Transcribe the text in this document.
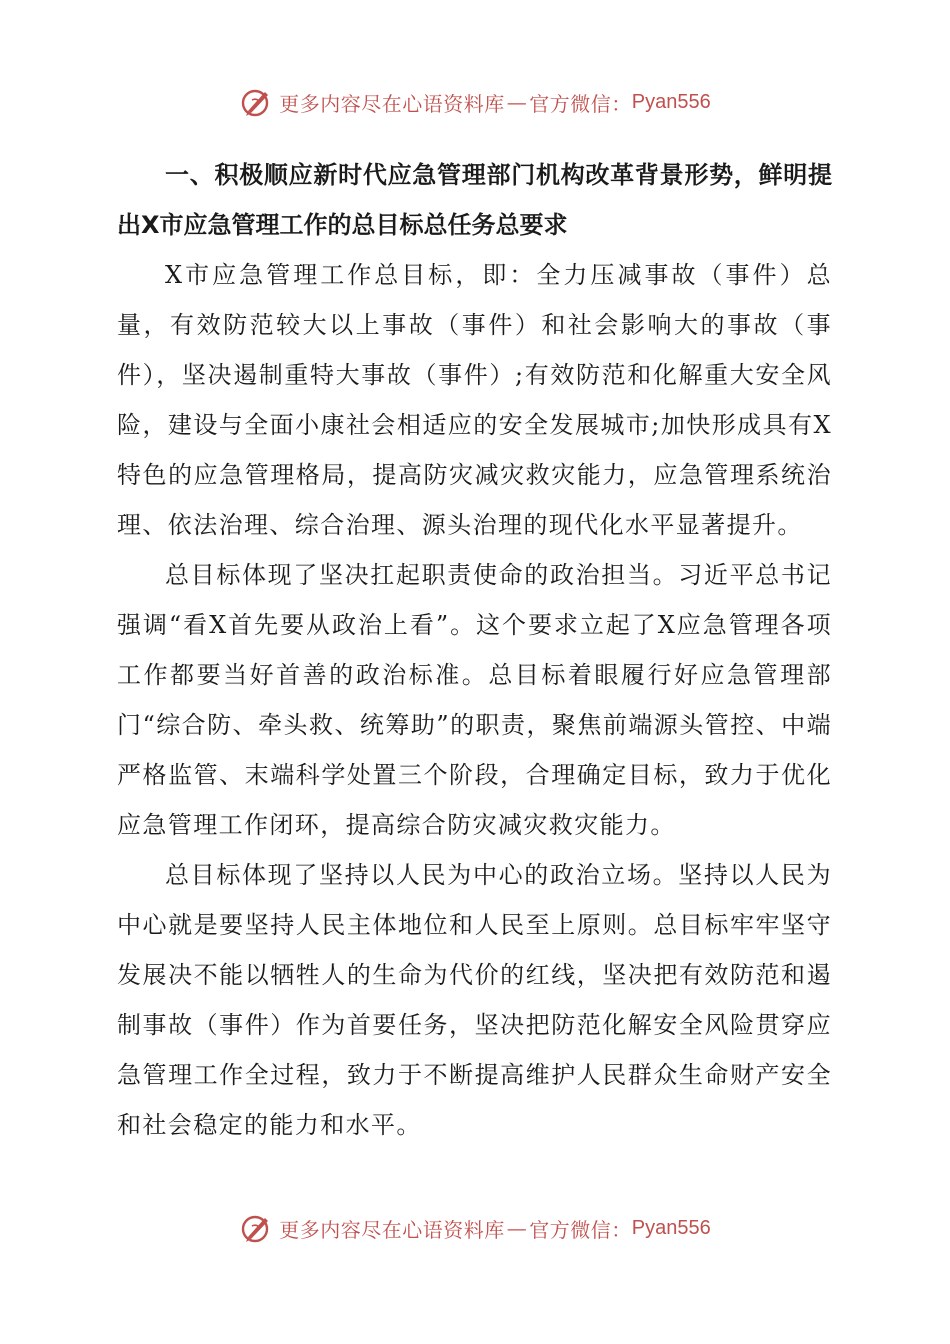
更多内容尽在心语资料库 — 官方微信： Pyan556

一、积极顺应新时代应急管理部门机构改革背景形势，鲜明提出X市应急管理工作的总目标总任务总要求

X市应急管理工作总目标，即：全力压减事故（事件）总量，有效防范较大以上事故（事件）和社会影响大的事故（事件），坚决遏制重特大事故（事件）;有效防范和化解重大安全风险，建设与全面小康社会相适应的安全发展城市;加快形成具有X特色的应急管理格局，提高防灾减灾救灾能力，应急管理系统治理、依法治理、综合治理、源头治理的现代化水平显著提升。

总目标体现了坚决扛起职责使命的政治担当。习近平总书记强调“看X首先要从政治上看”。这个要求立起了X应急管理各项工作都要当好首善的政治标准。总目标着眼履行好应急管理部门“综合防、牵头救、统筹助”的职责，聚焦前端源头管控、中端严格监管、末端科学处置三个阶段，合理确定目标，致力于优化应急管理工作闭环，提高综合防灾减灾救灾能力。

总目标体现了坚持以人民为中心的政治立场。坚持以人民为中心就是要坚持人民主体地位和人民至上原则。总目标牢牢坚守发展决不能以牺牲人的生命为代价的红线，坚决把有效防范和遏制事故（事件）作为首要任务，坚决把防范化解安全风险贯穿应急管理工作全过程，致力于不断提高维护人民群众生命财产安全和社会稳定的能力和水平。

更多内容尽在心语资料库 — 官方微信： Pyan556
